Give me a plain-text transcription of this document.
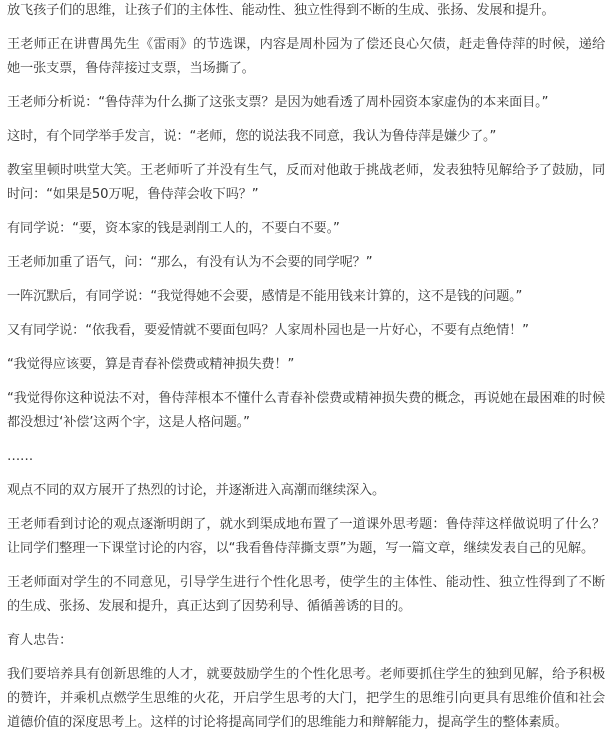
放飞孩子们的思维，让孩子们的主体性、能动性、独立性得到不断的生成、张扬、发展和提升。

王老师正在讲曹禺先生《雷雨》的节选课，内容是周朴园为了偿还良心欠债，赶走鲁侍萍的时候，递给她一张支票，鲁侍萍接过支票，当场撕了。

王老师分析说：“鲁侍萍为什么撕了这张支票？是因为她看透了周朴园资本家虚伪的本来面目。”

这时，有个同学举手发言，说：“老师，您的说法我不同意，我认为鲁侍萍是嫌少了。”

教室里顿时哄堂大笑。王老师听了并没有生气，反而对他敢于挑战老师，发表独特见解给予了鼓励，同时问：“如果是50万呢，鲁侍萍会收下吗？”

有同学说：“要，资本家的钱是剥削工人的，不要白不要。”

王老师加重了语气，问：“那么，有没有认为不会要的同学呢？”

一阵沉默后，有同学说：“我觉得她不会要，感情是不能用钱来计算的，这不是钱的问题。”

又有同学说：“依我看，要爱情就不要面包吗？人家周朴园也是一片好心，不要有点绝情！”

“我觉得应该要，算是青春补偿费或精神损失费！”

“我觉得你这种说法不对，鲁侍萍根本不懂什么青春补偿费或精神损失费的概念，再说她在最困难的时候都没想过‘补偿’这两个字，这是人格问题。”

……

观点不同的双方展开了热烈的讨论，并逐渐进入高潮而继续深入。

王老师看到讨论的观点逐渐明朗了，就水到渠成地布置了一道课外思考题：鲁侍萍这样做说明了什么？让同学们整理一下课堂讨论的内容，以“我看鲁侍萍撕支票”为题，写一篇文章，继续发表自己的见解。

王老师面对学生的不同意见，引导学生进行个性化思考，使学生的主体性、能动性、独立性得到了不断的生成、张扬、发展和提升，真正达到了因势利导、循循善诱的目的。

育人忠告：

我们要培养具有创新思维的人才，就要鼓励学生的个性化思考。老师要抓住学生的独到见解，给予积极的赞许，并乘机点燃学生思维的火花，开启学生思考的大门，把学生的思维引向更具有思维价值和社会道德价值的深度思考上。这样的讨论将提高同学们的思维能力和辩解能力，提高学生的整体素质。
